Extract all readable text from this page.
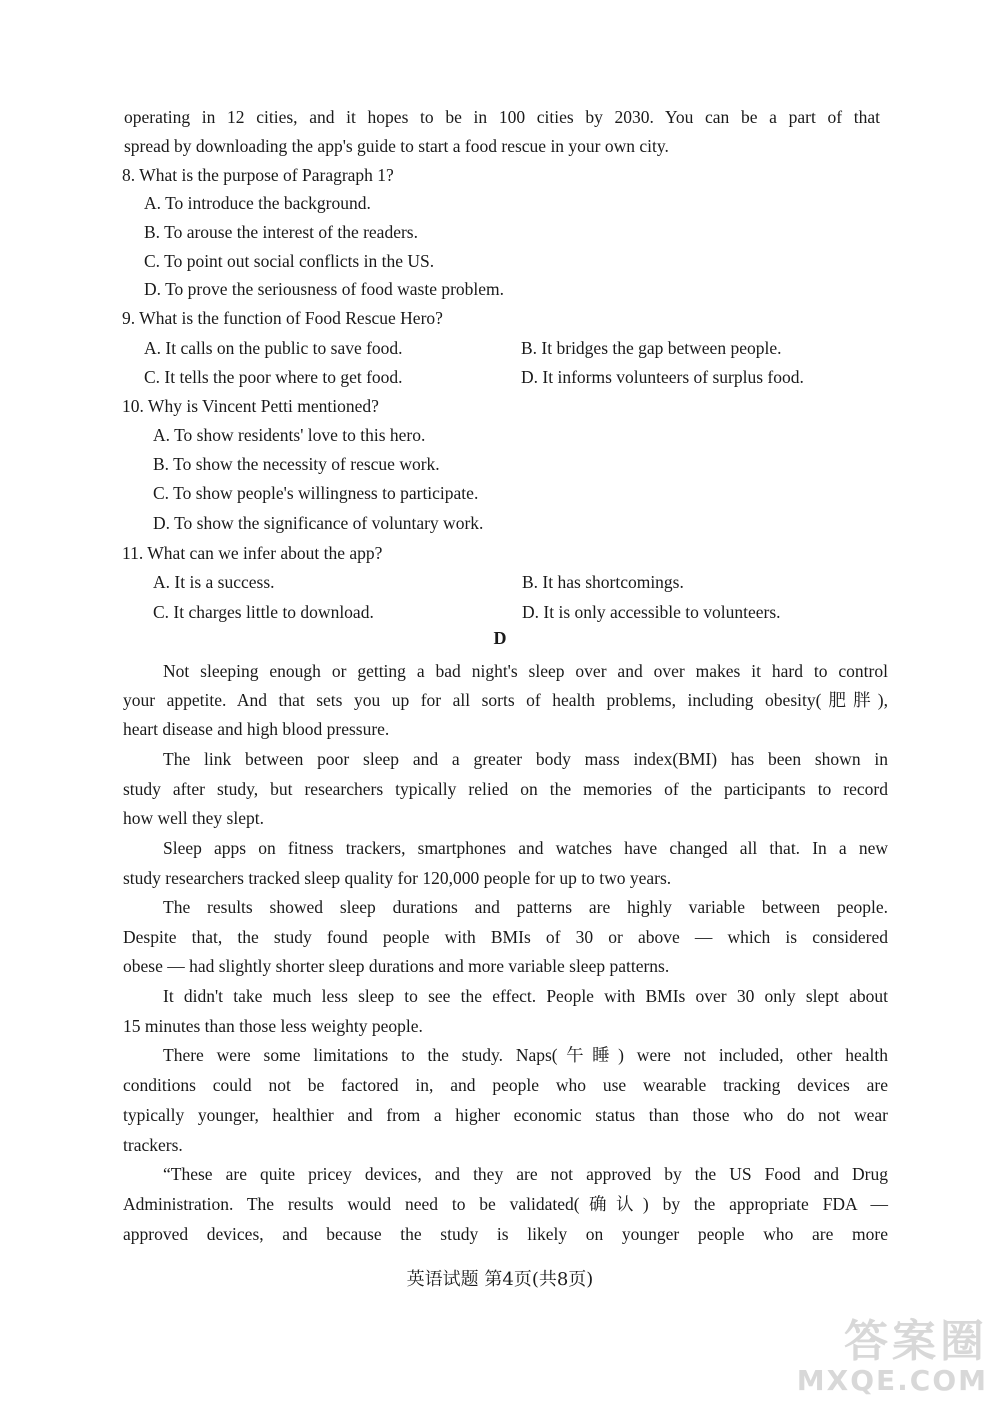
operating in 12 cities, and it hopes to be in 100 cities by 2030. You can be a part of that
spread by downloading the app's guide to start a food rescue in your own city.
8. What is the purpose of Paragraph 1?
A. To introduce the background.
B. To arouse the interest of the readers.
C. To point out social conflicts in the US.
D. To prove the seriousness of food waste problem.
9. What is the function of Food Rescue Hero?
A. It calls on the public to save food.	B. It bridges the gap between people.
C. It tells the poor where to get food.	D. It informs volunteers of surplus food.
10. Why is Vincent Petti mentioned?
A. To show residents' love to this hero.
B. To show the necessity of rescue work.
C. To show people's willingness to participate.
D. To show the significance of voluntary work.
11. What can we infer about the app?
A. It is a success.	B. It has shortcomings.
C. It charges little to download.	D. It is only accessible to volunteers.
D
Not sleeping enough or getting a bad night's sleep over and over makes it hard to control
your appetite. And that sets you up for all sorts of health problems, including obesity(肥胖),
heart disease and high blood pressure.
The link between poor sleep and a greater body mass index(BMI) has been shown in
study after study, but researchers typically relied on the memories of the participants to record
how well they slept.
Sleep apps on fitness trackers, smartphones and watches have changed all that. In a new
study researchers tracked sleep quality for 120,000 people for up to two years.
The results showed sleep durations and patterns are highly variable between people.
Despite that, the study found people with BMIs of 30 or above — which is considered
obese — had slightly shorter sleep durations and more variable sleep patterns.
It didn't take much less sleep to see the effect. People with BMIs over 30 only slept about
15 minutes than those less weighty people.
There were some limitations to the study. Naps(午睡) were not included, other health
conditions could not be factored in, and people who use wearable tracking devices are
typically younger, healthier and from a higher economic status than those who do not wear
trackers.
“These are quite pricey devices, and they are not approved by the US Food and Drug
Administration. The results would need to be validated(确认) by the appropriate FDA —
approved devices, and because the study is likely on younger people who are more
英语试题 第4页(共8页)
答案圈
MXQE.COM
